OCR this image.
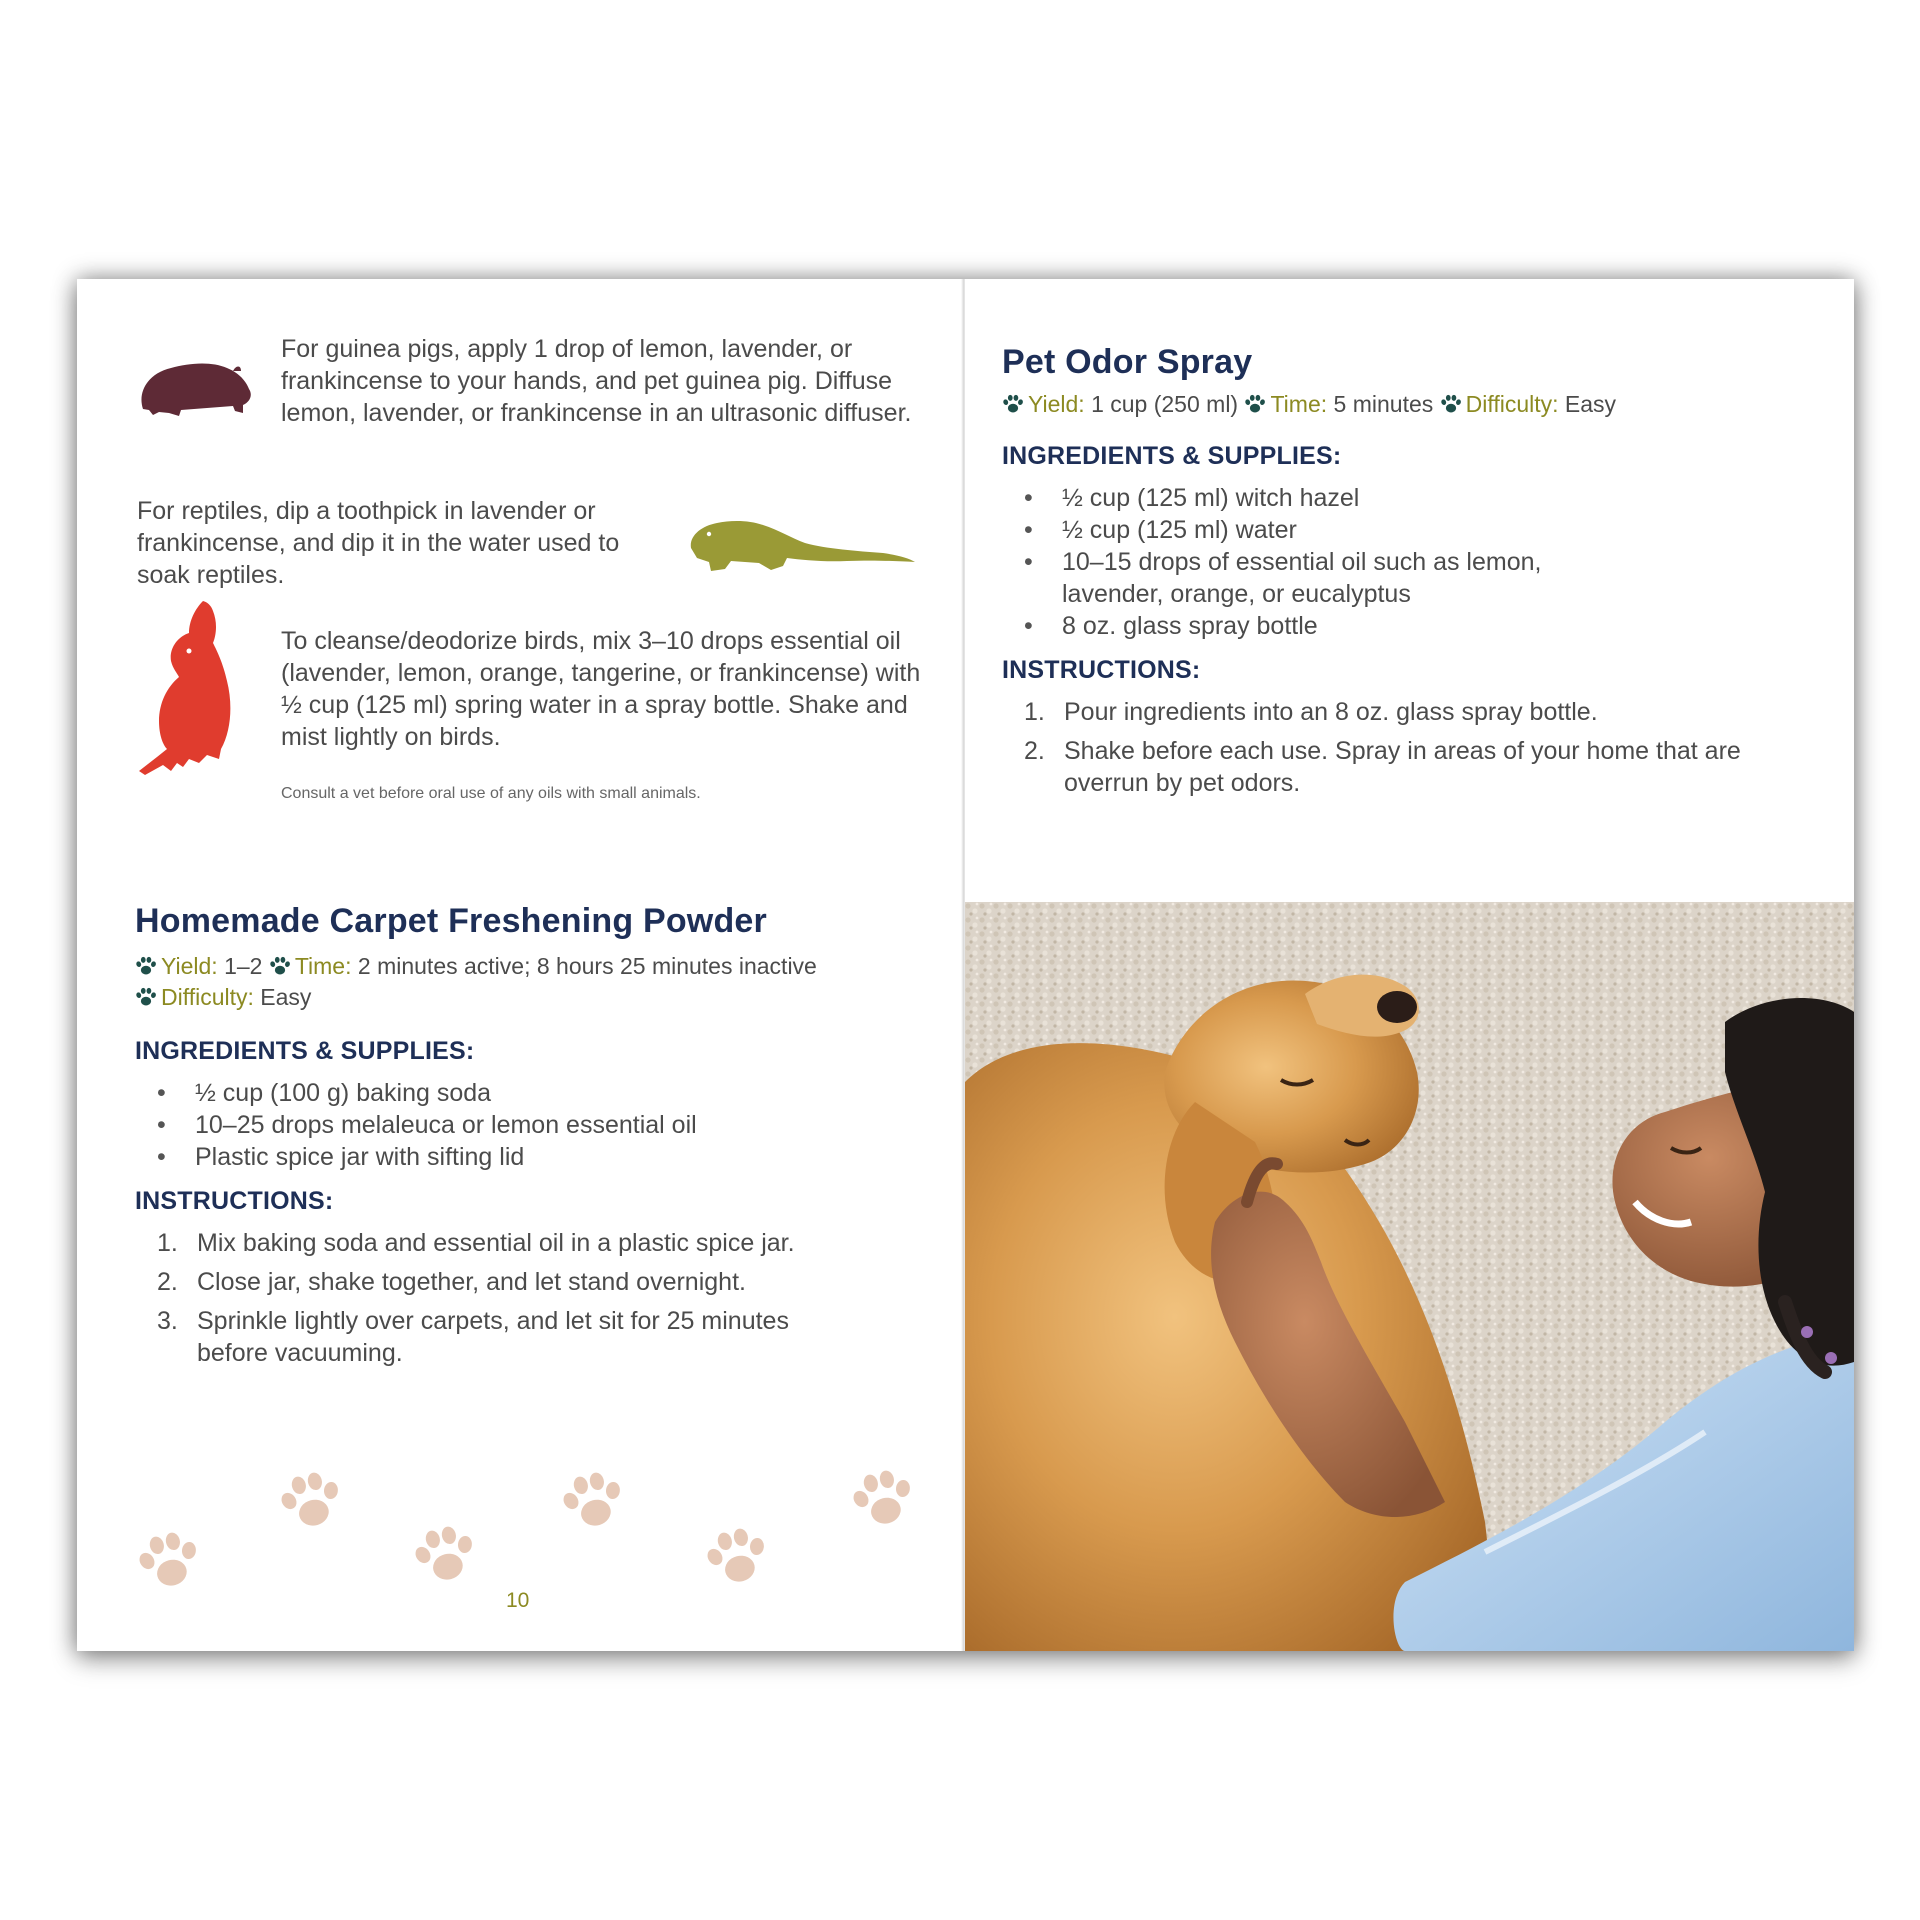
For guinea pigs, apply 1 drop of lemon, lavender, or frankincense to your hands, and pet guinea pig. Diffuse lemon, lavender, or frankincense in an ultrasonic diffuser.

For reptiles, dip a toothpick in lavender or frankincense, and dip it in the water used to soak reptiles.

To cleanse/deodorize birds, mix 3–10 drops essential oil (lavender, lemon, orange, tangerine, or frankincense) with ½ cup (125 ml) spring water in a spray bottle. Shake and mist lightly on birds.

Consult a vet before oral use of any oils with small animals.

Homemade Carpet Freshening Powder
Yield: 1–2 Time: 2 minutes active; 8 hours 25 minutes inactive
Difficulty: Easy
INGREDIENTS & SUPPLIES:
• ½ cup (100 g) baking soda
• 10–25 drops melaleuca or lemon essential oil
• Plastic spice jar with sifting lid
INSTRUCTIONS:
1. Mix baking soda and essential oil in a plastic spice jar.
2. Close jar, shake together, and let stand overnight.
3. Sprinkle lightly over carpets, and let sit for 25 minutes before vacuuming.
10
Pet Odor Spray
Yield: 1 cup (250 ml) Time: 5 minutes Difficulty: Easy
INGREDIENTS & SUPPLIES:
• ½ cup (125 ml) witch hazel
• ½ cup (125 ml) water
• 10–15 drops of essential oil such as lemon, lavender, orange, or eucalyptus
• 8 oz. glass spray bottle
INSTRUCTIONS:
1. Pour ingredients into an 8 oz. glass spray bottle.
2. Shake before each use. Spray in areas of your home that are overrun by pet odors.
